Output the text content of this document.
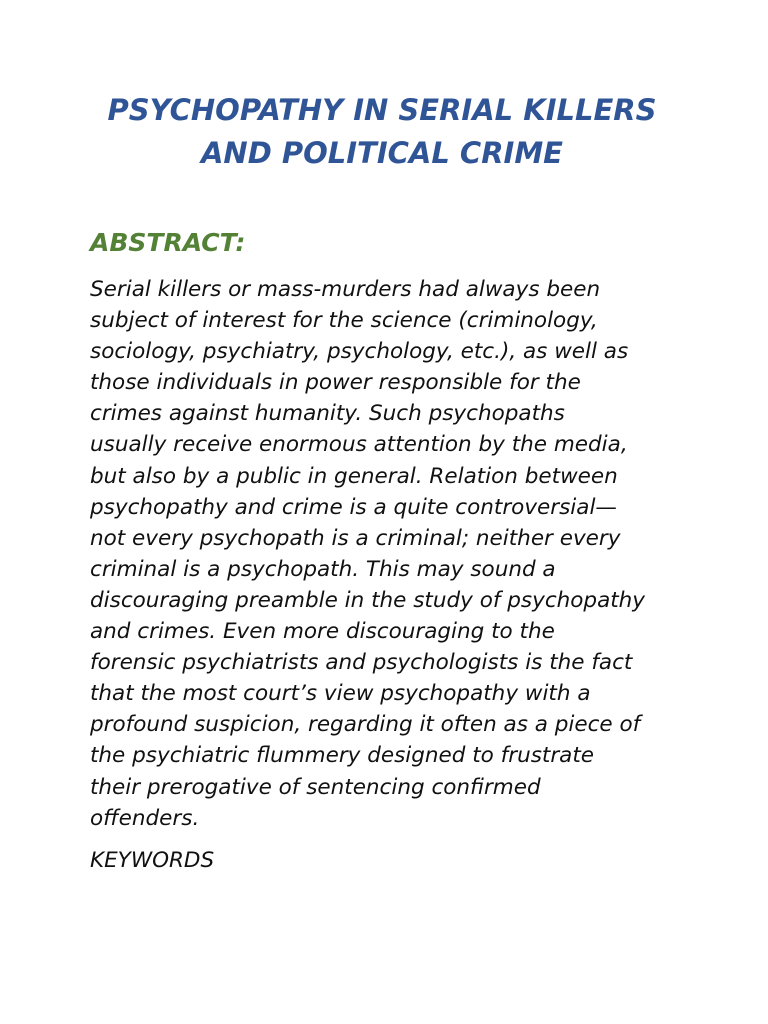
PSYCHOPATHY IN SERIAL KILLERS
AND POLITICAL CRIME
ABSTRACT:

Serial killers or mass-murders had always been
subject of interest for the science (criminology,
sociology, psychiatry, psychology, etc.), as well as
those individuals in power responsible for the
crimes against humanity. Such psychopaths
usually receive enormous attention by the media,
but also by a public in general. Relation between
psychopathy and crime is a quite controversial—
not every psychopath is a criminal; neither every
criminal is a psychopath. This may sound a
discouraging preamble in the study of psychopathy
and crimes. Even more discouraging to the
forensic psychiatrists and psychologists is the fact
that the most court’s view psychopathy with a
profound suspicion, regarding it often as a piece of
the psychiatric flummery designed to frustrate
their prerogative of sentencing confirmed
offenders.

KEYWORDS
